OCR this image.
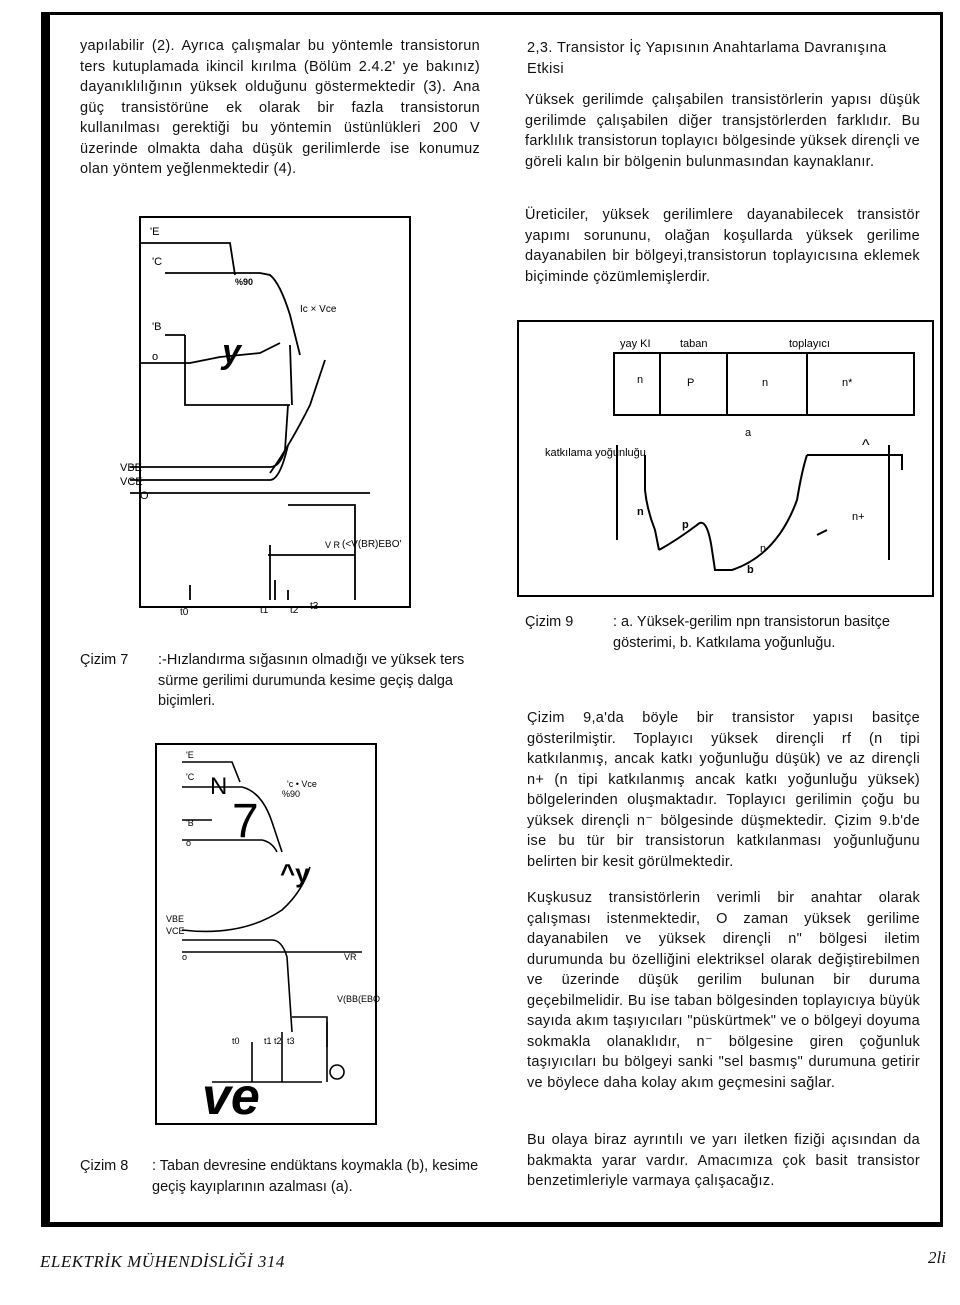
yapılabilir (2). Ayrıca çalışmalar bu yöntemle transistorun ters kutuplamada ikincil kırılma (Bölüm 2.4.2' ye bakınız) dayanıklılığının yüksek olduğunu göstermektedir (3). Ana güç transistörüne ek olarak bir fazla transistorun kullanılması gerektiği bu yöntemin üstünlükleri 200 V üzerinde olmakta daha düşük gerilimlerde ise konumuz olan yöntem yeğlenmektedir (4).
'E
'C
'B
o
VBE
VCE
O
%90
Ic × Vce
V R (<V(BR)EBO'
t0	t1 t2 t3
y
Çizim 7 :-Hızlandırma sığasının olmadığı ve yüksek ters sürme gerilimi durumunda kesime geçiş dalga biçimleri.
'E
'C
'B
o
VBE
VCE
o
'c • Vce
%90
VR
V(BB(EBO
t0	t1 t2 t3
N
7
^y
ve
Çizim 8 : Taban devresine endüktans koymakla (b), kesime geçiş kayıplarının azalması (a).
2,3. Transistor İç Yapısının Anahtarlama Davranışına Etkisi
Yüksek gerilimde çalışabilen transistörlerin yapısı düşük gerilimde çalışabilen diğer transjstörlerden farklıdır. Bu farklılık transistorun toplayıcı bölgesinde yüksek dirençli ve göreli kalın bir bölgenin bulunmasından kaynaklanır.
Üreticiler, yüksek gerilimlere dayanabilecek transistör yapımı sorununu, olağan koşullarda yüksek gerilime dayanabilen bir bölgeyi,transistorun toplayıcısına eklemek biçiminde çözümlemişlerdir.
yay KI	taban	toplayıcı
n	P	n	n*
a
^
katkılama yoğunluğu
n
p
n+
n
b
Çizim 9	: a. Yüksek-gerilim npn transistorun basitçe gösterimi, b. Katkılama yoğunluğu.
Çizim 9,a'da böyle bir transistor yapısı basitçe gösterilmiştir. Toplayıcı yüksek dirençli rf (n tipi katkılanmış, ancak katkı yoğunluğu düşük) ve az dirençli n+ (n tipi katkılanmış ancak katkı yoğunluğu yüksek) bölgelerinden oluşmaktadır. Toplayıcı gerilimin çoğu bu yüksek dirençli n⁻ bölgesinde düşmektedir. Çizim 9.b'de ise bu tür bir transistorun katkılanması yoğunluğunu belirten bir kesit görülmektedir.
Kuşkusuz transistörlerin verimli bir anahtar olarak çalışması istenmektedir, O zaman yüksek gerilime dayanabilen ve yüksek dirençli n" bölgesi iletim durumunda bu özelliğini elektriksel olarak değiştirebilmen ve üzerinde düşük gerilim bulunan bir duruma geçebilmelidir. Bu ise taban bölgesinden toplayıcıya büyük sayıda akım taşıyıcıları "püskürtmek" ve o bölgeyi doyuma sokmakla olanaklıdır, n⁻ bölgesine giren çoğunluk taşıyıcıları bu bölgeyi sanki "sel basmış" durumuna getirir ve böylece daha kolay akım geçmesini sağlar.
Bu olaya biraz ayrıntılı ve yarı iletken fiziği açısından da bakmakta yarar vardır. Amacımıza çok basit transistor benzetimleriyle varmaya çalışacağız.
ELEKTRİK MÜHENDİSLİĞİ 314	2li
